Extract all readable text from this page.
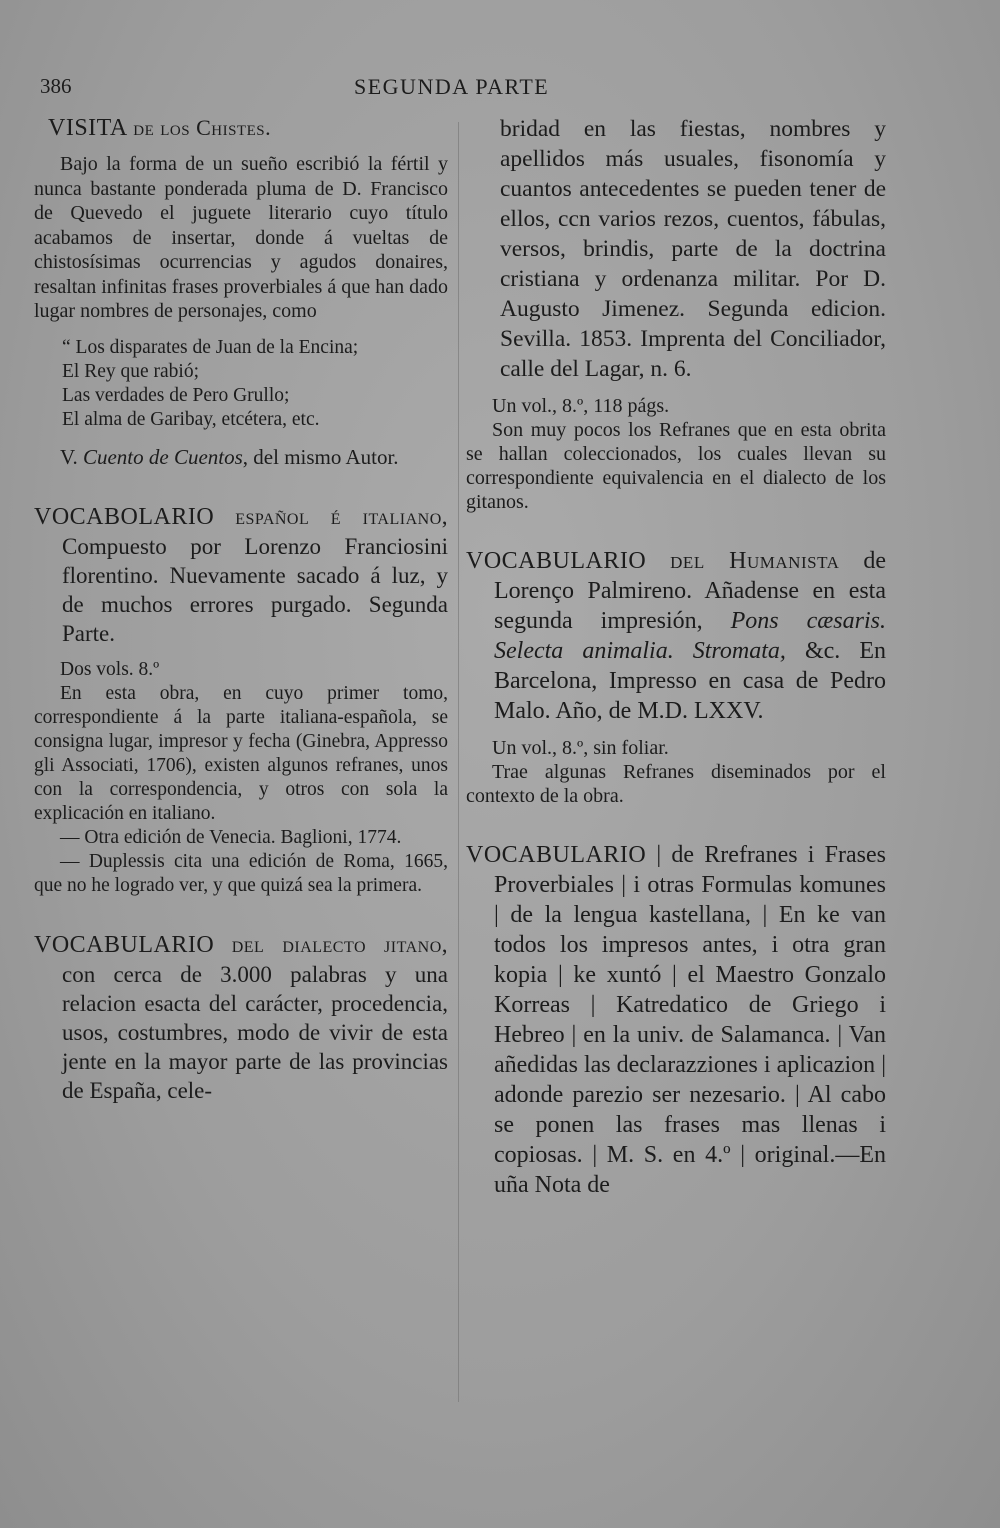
386	SEGUNDA PARTE

VISITA de los Chistes.

Bajo la forma de un sueño escribió la fértil y nunca bastante ponderada pluma de D. Francisco de Quevedo el juguete literario cuyo título acabamos de insertar, donde á vueltas de chistosísimas ocurrencias y agudos donaires, resaltan infinitas frases proverbiales á que han dado lugar nombres de personajes, como

“ Los disparates de Juan de la Encina;
El Rey que rabió;
Las verdades de Pero Grullo;
El alma de Garibay, etcétera, etc.

V. Cuento de Cuentos, del mismo Autor.

VOCABOLARIO español é italiano, Compuesto por Lorenzo Franciosini florentino. Nuevamente sacado á luz, y de muchos errores purgado. Segunda Parte.

Dos vols. 8.º

En esta obra, en cuyo primer tomo, correspondiente á la parte italiana-española, se consigna lugar, impresor y fecha (Ginebra, Appresso gli Associati, 1706), existen algunos refranes, unos con la correspondencia, y otros con sola la explicación en italiano.

— Otra edición de Venecia. Baglioni, 1774.

— Duplessis cita una edición de Roma, 1665, que no he logrado ver, y que quizá sea la primera.

VOCABULARIO del dialecto jitano, con cerca de 3.000 palabras y una relacion esacta del carácter, procedencia, usos, costumbres, modo de vivir de esta jente en la mayor parte de las provincias de España, cele-

bridad en las fiestas, nombres y apellidos más usuales, fisonomía y cuantos antecedentes se pueden tener de ellos, ccn varios rezos, cuentos, fábulas, versos, brindis, parte de la doctrina cristiana y ordenanza militar. Por D. Augusto Jimenez. Segunda edicion. Sevilla. 1853. Imprenta del Conciliador, calle del Lagar, n. 6.

Un vol., 8.º, 118 págs.

Son muy pocos los Refranes que en esta obrita se hallan coleccionados, los cuales llevan su correspondiente equivalencia en el dialecto de los gitanos.

VOCABULARIO del Humanista de Lorenço Palmireno. Añadense en esta segunda impresión, Pons cæsaris. Selecta animalia. Stromata, &c. En Barcelona, Impresso en casa de Pedro Malo. Año, de M.D. LXXV.

Un vol., 8.º, sin foliar.

Trae algunas Refranes diseminados por el contexto de la obra.

VOCABULARIO | de Rrefranes i Frases Proverbiales | i otras Formulas komunes | de la lengua kastellana, | En ke van todos los impresos antes, i otra gran kopia | ke xuntó | el Maestro Gonzalo Korreas | Katredatico de Griego i Hebreo | en la univ. de Salamanca. | Van añedidas las declarazziones i aplicazion | adonde parezio ser nezesario. | Al cabo se ponen las frases mas llenas i copiosas. | M. S. en 4.º | original.—En uña Nota de
